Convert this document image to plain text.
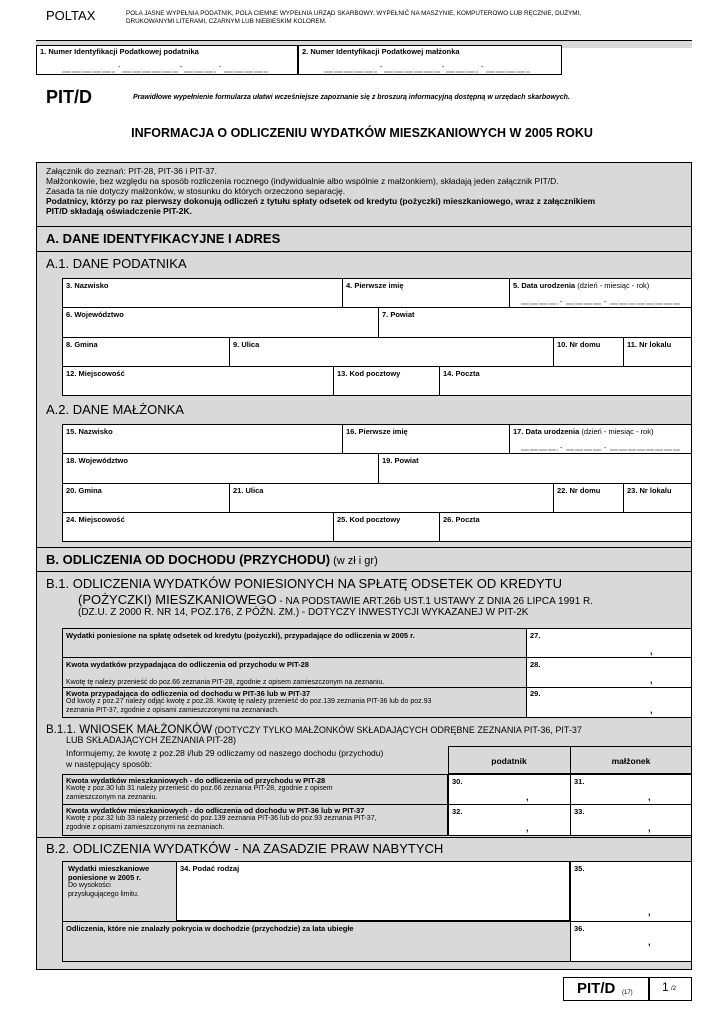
POLTAX	POLA JASNE WYPEŁNIA PODATNIK, POLA CIEMNE WYPEŁNIA URZĄD SKARBOWY. WYPEŁNIĆ NA MASZYNIE, KOMPUTEROWO LUB RĘCZNIE, DUŻYMI,
DRUKOWANYMI LITERAMI, CZARNYM LUB NIEBIESKIM KOLOREM.
1. Numer Identyfikacji Podatkowej podatnika	2. Numer Identyfikacji Podatkowej małżonka
-	-	-	-	-	-
PIT/D	Prawidłowe wypełnienie formularza ułatwi wcześniejsze zapoznanie się z broszurą informacyjną dostępną w urzędach skarbowych.
INFORMACJA O ODLICZENIU WYDATKÓW MIESZKANIOWYCH W 2005 ROKU
Załącznik do zeznań: PIT-28, PIT-36 i PIT-37.
Małżonkowie, bez względu na sposób rozliczenia rocznego (indywidualnie albo wspólnie z małżonkiem), składają jeden załącznik PIT/D.
Zasada ta nie dotyczy małżonków, w stosunku do których orzeczono separację.
Podatnicy, którzy po raz pierwszy dokonują odliczeń z tytułu spłaty odsetek od kredytu (pożyczki) mieszkaniowego, wraz z załącznikiem
PIT/D składają oświadczenie PIT-2K.
A. DANE IDENTYFIKACYJNE I ADRES
A.1. DANE PODATNIKA
3. Nazwisko	4. Pierwsze imię	5. Data urodzenia (dzień - miesiąc - rok)
-	-
6. Województwo	7. Powiat
8. Gmina	9. Ulica	10. Nr domu	11. Nr lokalu
12. Miejscowość	13. Kod pocztowy	14. Poczta
A.2. DANE MAŁŻONKA
15. Nazwisko	16. Pierwsze imię	17. Data urodzenia (dzień - miesiąc - rok)
-	-
18. Województwo	19. Powiat
20. Gmina	21. Ulica	22. Nr domu	23. Nr lokalu
24. Miejscowość	25. Kod pocztowy	26. Poczta
B. ODLICZENIA OD DOCHODU (PRZYCHODU) (w zł i gr)
B.1. ODLICZENIA WYDATKÓW PONIESIONYCH NA SPŁATĘ ODSETEK OD KREDYTU
(POŻYCZKI) MIESZKANIOWEGO - NA PODSTAWIE ART.26b UST.1 USTAWY Z DNIA 26 LIPCA 1991 R.
(DZ.U. Z 2000 R. NR 14, POZ.176, Z PÓŹN. ZM.) - DOTYCZY INWESTYCJI WYKAZANEJ W PIT-2K
Wydatki poniesione na spłatę odsetek od kredytu (pożyczki), przypadające do odliczenia w 2005 r.	27.
,
Kwota wydatków przypadająca do odliczenia od przychodu w PIT-28
Kwotę tę należy przenieść do poz.66 zeznania PIT-28, zgodnie z opisem zamieszczonym na zeznaniu.
28.
,
Kwota przypadająca do odliczenia od dochodu w PIT-36 lub w PIT-37
Od kwoty z poz.27 należy odjąć kwotę z poz.28. Kwotę tę należy przenieść do poz.139 zeznania PIT-36 lub do poz.93
zeznania PIT-37, zgodnie z opisami zamieszczonymi na zeznaniach.
29.
,
B.1.1. WNIOSEK MAŁŻONKÓW (DOTYCZY TYLKO MAŁŻONKÓW SKŁADAJĄCYCH ODRĘBNE ZEZNANIA PIT-36, PIT-37
LUB SKŁADAJĄCYCH ZEZNANIA PIT-28)
Informujemy, że kwotę z poz.28 i/lub 29 odliczamy od naszego dochodu (przychodu)
w następujący sposób:	podatnik	małżonek
Kwota wydatków mieszkaniowych - do odliczenia od przychodu w PIT-28
Kwotę z poz.30 lub 31 należy przenieść do poz.66 zeznania PIT-28, zgodnie z opisem
zamieszczonym na zeznaniu.
30.	31.
,	,
Kwota wydatków mieszkaniowych - do odliczenia od dochodu w PIT-36 lub w PIT-37
Kwotę z poz.32 lub 33 należy przenieść do poz.139 zeznania PIT-36 lub do poz.93 zeznania PIT-37,
zgodnie z opisami zamieszczonymi na zeznaniach.
32.	33.
,	,
B.2. ODLICZENIA WYDATKÓW - NA ZASADZIE PRAW NABYTYCH
Wydatki mieszkaniowe
poniesione w 2005 r.
Do wysokości
przysługującego limitu.
34. Podać rodzaj	35.
,
Odliczenia, które nie znalazły pokrycia w dochodzie (przychodzie) za lata ubiegłe	36.
,
PIT/D (17) 1 /2
